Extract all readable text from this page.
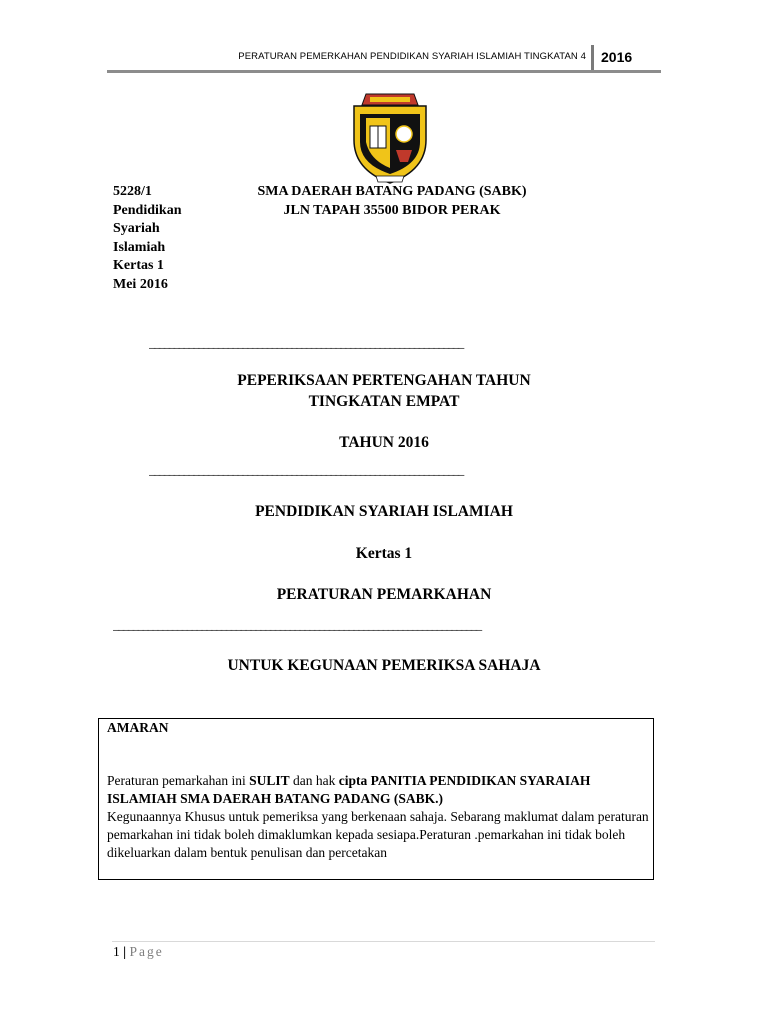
PERATURAN PEMERKAHAN PENDIDIKAN SYARIAH ISLAMIAH TINGKATAN 4 2016
5228/1
Pendidikan
Syariah
Islamiah
Kertas 1
Mei 2016
SMA DAERAH BATANG PADANG (SABK)
JLN TAPAH 35500 BIDOR PERAK
________________________________________________________________
PEPERIKSAAN PERTENGAHAN TAHUN
TINGKATAN EMPAT
TAHUN 2016
________________________________________________________________
PENDIDIKAN SYARIAH ISLAMIAH
Kertas 1
PERATURAN PEMARKAHAN
___________________________________________________________________________
UNTUK KEGUNAAN PEMERIKSA SAHAJA
AMARAN
Peraturan pemarkahan ini SULIT dan hak cipta PANITIA PENDIDIKAN SYARAIAH ISLAMIAH SMA DAERAH BATANG PADANG (SABK.)
Kegunaannya Khusus untuk pemeriksa yang berkenaan sahaja. Sebarang maklumat dalam peraturan pemarkahan ini tidak boleh dimaklumkan kepada sesiapa.Peraturan .pemarkahan ini tidak boleh dikeluarkan dalam bentuk penulisan dan percetakan
1 | Page
